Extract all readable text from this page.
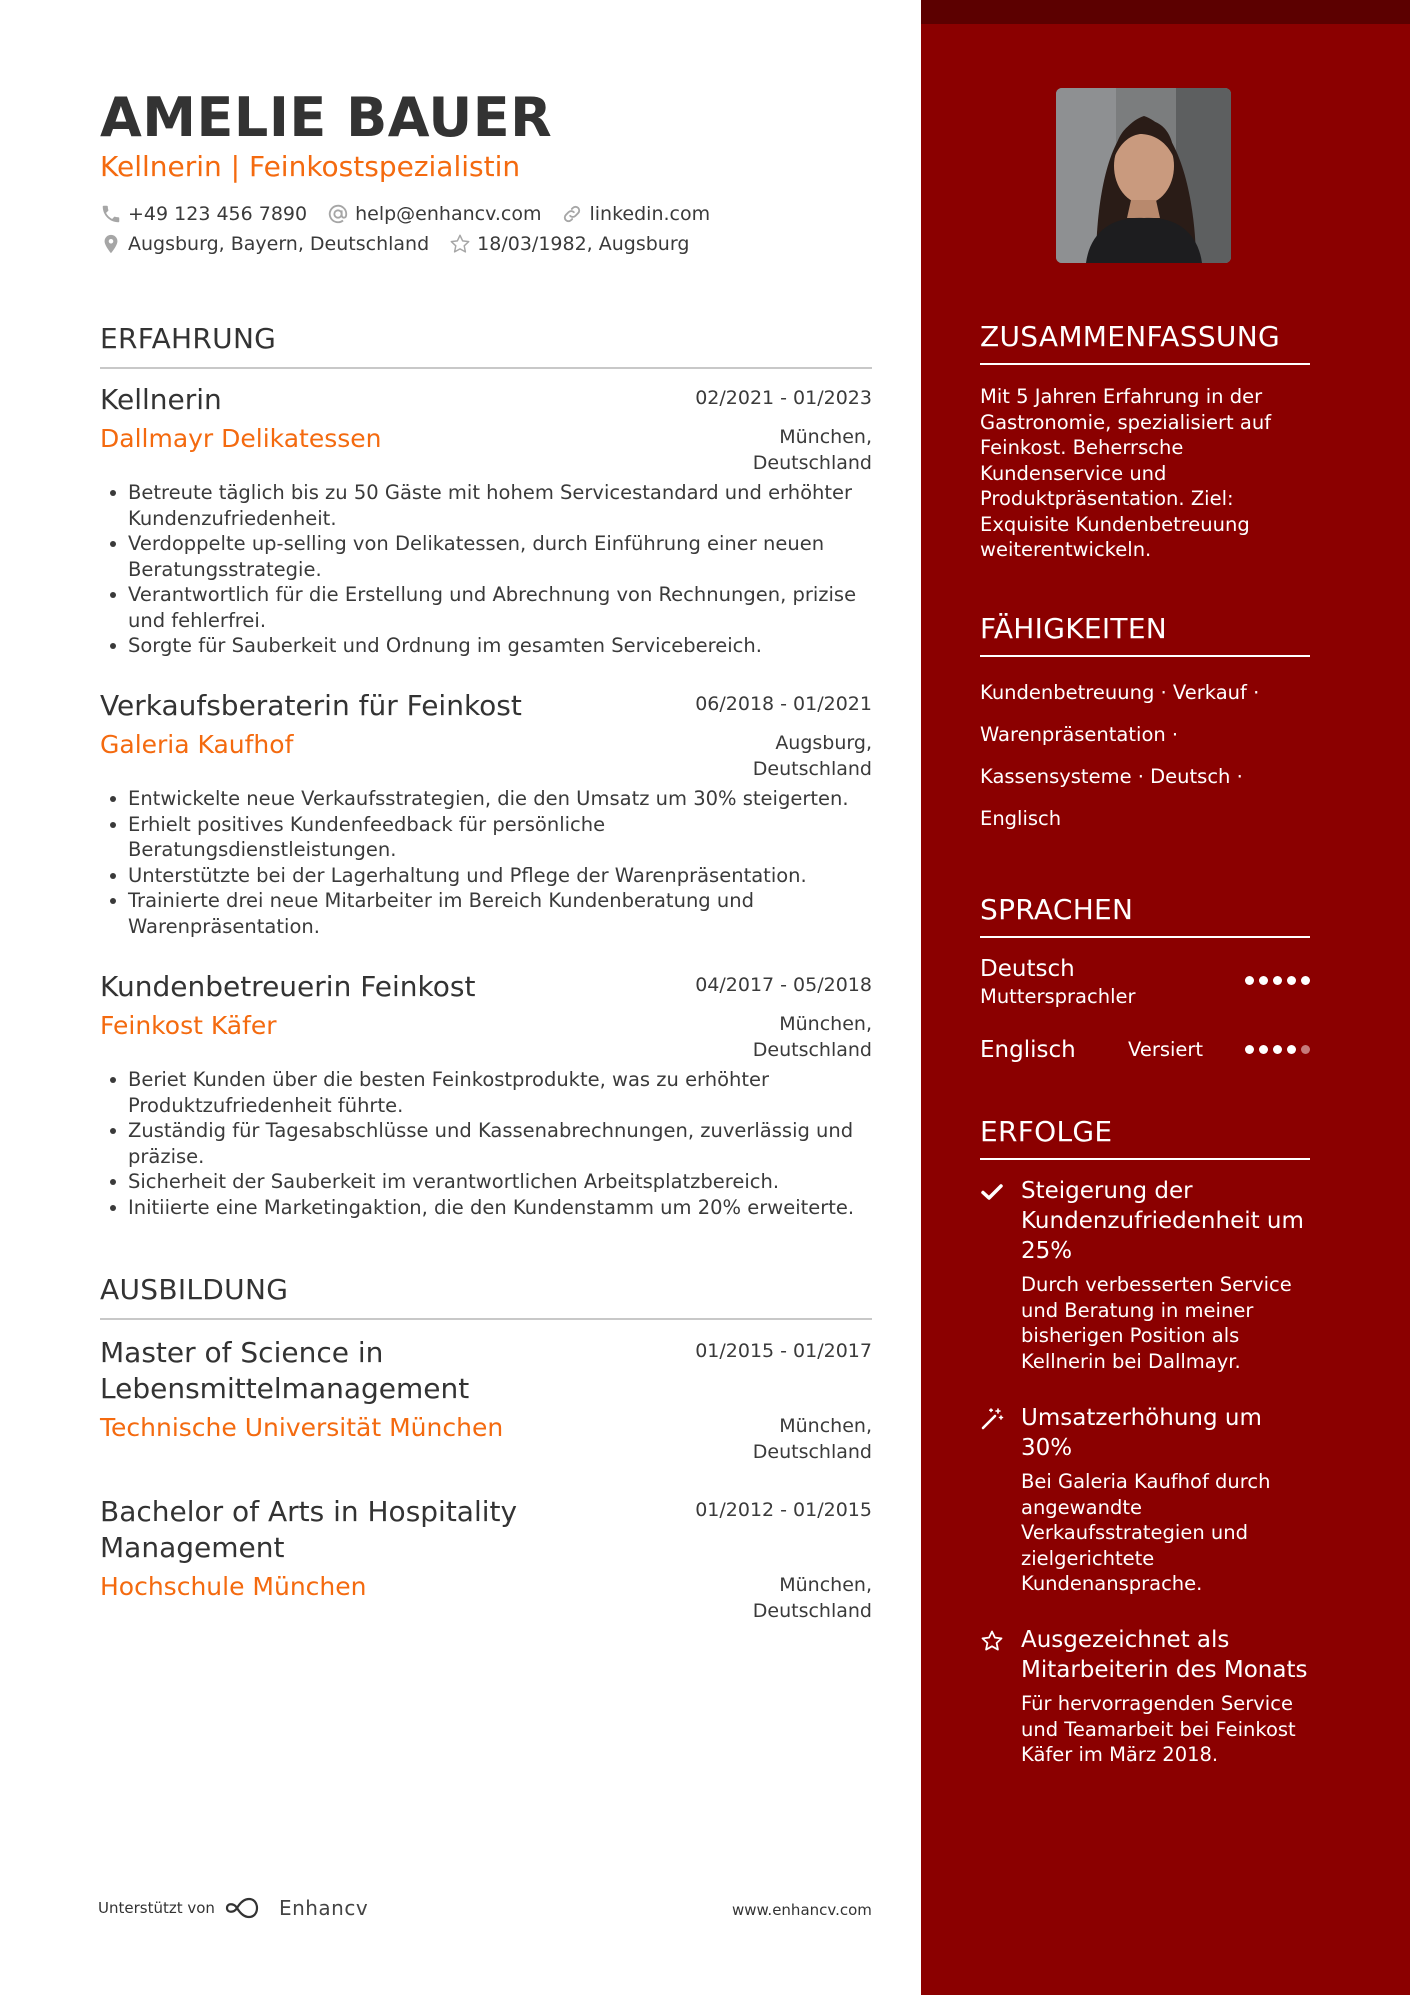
AMELIE BAUER
Kellnerin | Feinkostspezialistin
+49 123 456 7890	help@enhancv.com	linkedin.com
Augsburg, Bayern, Deutschland	18/03/1982, Augsburg
ERFAHRUNG
Kellnerin	02/2021 - 01/2023
Dallmayr Delikatessen	München, Deutschland
Betreute täglich bis zu 50 Gäste mit hohem Servicestandard und erhöhter Kundenzufriedenheit.
Verdoppelte up-selling von Delikatessen, durch Einführung einer neuen Beratungsstrategie.
Verantwortlich für die Erstellung und Abrechnung von Rechnungen, prizise und fehlerfrei.
Sorgte für Sauberkeit und Ordnung im gesamten Servicebereich.
Verkaufsberaterin für Feinkost	06/2018 - 01/2021
Galeria Kaufhof	Augsburg, Deutschland
Entwickelte neue Verkaufsstrategien, die den Umsatz um 30% steigerten.
Erhielt positives Kundenfeedback für persönliche Beratungsdienstleistungen.
Unterstützte bei der Lagerhaltung und Pflege der Warenpräsentation.
Trainierte drei neue Mitarbeiter im Bereich Kundenberatung und Warenpräsentation.
Kundenbetreuerin Feinkost	04/2017 - 05/2018
Feinkost Käfer	München, Deutschland
Beriet Kunden über die besten Feinkostprodukte, was zu erhöhter Produktzufriedenheit führte.
Zuständig für Tagesabschlüsse und Kassenabrechnungen, zuverlässig und präzise.
Sicherheit der Sauberkeit im verantwortlichen Arbeitsplatzbereich.
Initiierte eine Marketingaktion, die den Kundenstamm um 20% erweiterte.
AUSBILDUNG
Master of Science in Lebensmittelmanagement
01/2015 - 01/2017
Technische Universität München	München, Deutschland
Bachelor of Arts in Hospitality Management
01/2012 - 01/2015
Hochschule München	München, Deutschland
Unterstützt von	Enhancv	www.enhancv.com
ZUSAMMENFASSUNG
Mit 5 Jahren Erfahrung in der Gastronomie, spezialisiert auf Feinkost. Beherrsche Kundenservice und Produktpräsentation. Ziel: Exquisite Kundenbetreuung weiterentwickeln.
FÄHIGKEITEN
Kundenbetreuung · Verkauf ·
Warenpräsentation ·
Kassensysteme · Deutsch ·
Englisch
SPRACHEN
Deutsch
Muttersprachler
Englisch	Versiert
ERFOLGE
Steigerung der Kundenzufriedenheit um 25%
Durch verbesserten Service und Beratung in meiner bisherigen Position als Kellnerin bei Dallmayr.
Umsatzerhöhung um 30%
Bei Galeria Kaufhof durch angewandte Verkaufsstrategien und zielgerichtete Kundenansprache.
Ausgezeichnet als Mitarbeiterin des Monats
Für hervorragenden Service und Teamarbeit bei Feinkost Käfer im März 2018.
